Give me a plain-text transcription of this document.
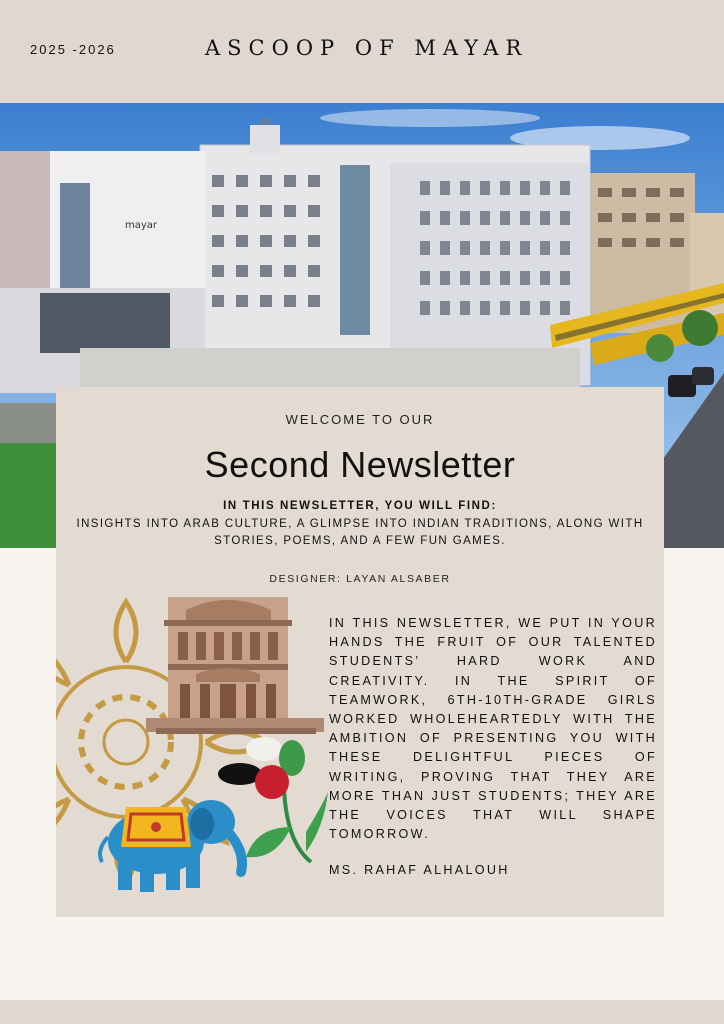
2025 -2026	ASCOOP OF MAYAR
mayar
WELCOME TO OUR
Second Newsletter
IN THIS NEWSLETTER, YOU WILL FIND:
INSIGHTS INTO ARAB CULTURE, A GLIMPSE INTO INDIAN TRADITIONS, ALONG WITH STORIES, POEMS, AND A FEW FUN GAMES.
DESIGNER: LAYAN ALSABER
IN THIS NEWSLETTER, WE PUT IN YOUR HANDS THE FRUIT OF OUR TALENTED STUDENTS’ HARD WORK AND CREATIVITY. IN THE SPIRIT OF TEAMWORK, 6TH-10TH-GRADE GIRLS WORKED WHOLEHEARTEDLY WITH THE AMBITION OF PRESENTING YOU WITH THESE DELIGHTFUL PIECES OF WRITING, PROVING THAT THEY ARE MORE THAN JUST STUDENTS; THEY ARE THE VOICES THAT WILL SHAPE TOMORROW.
MS. RAHAF ALHALOUH
